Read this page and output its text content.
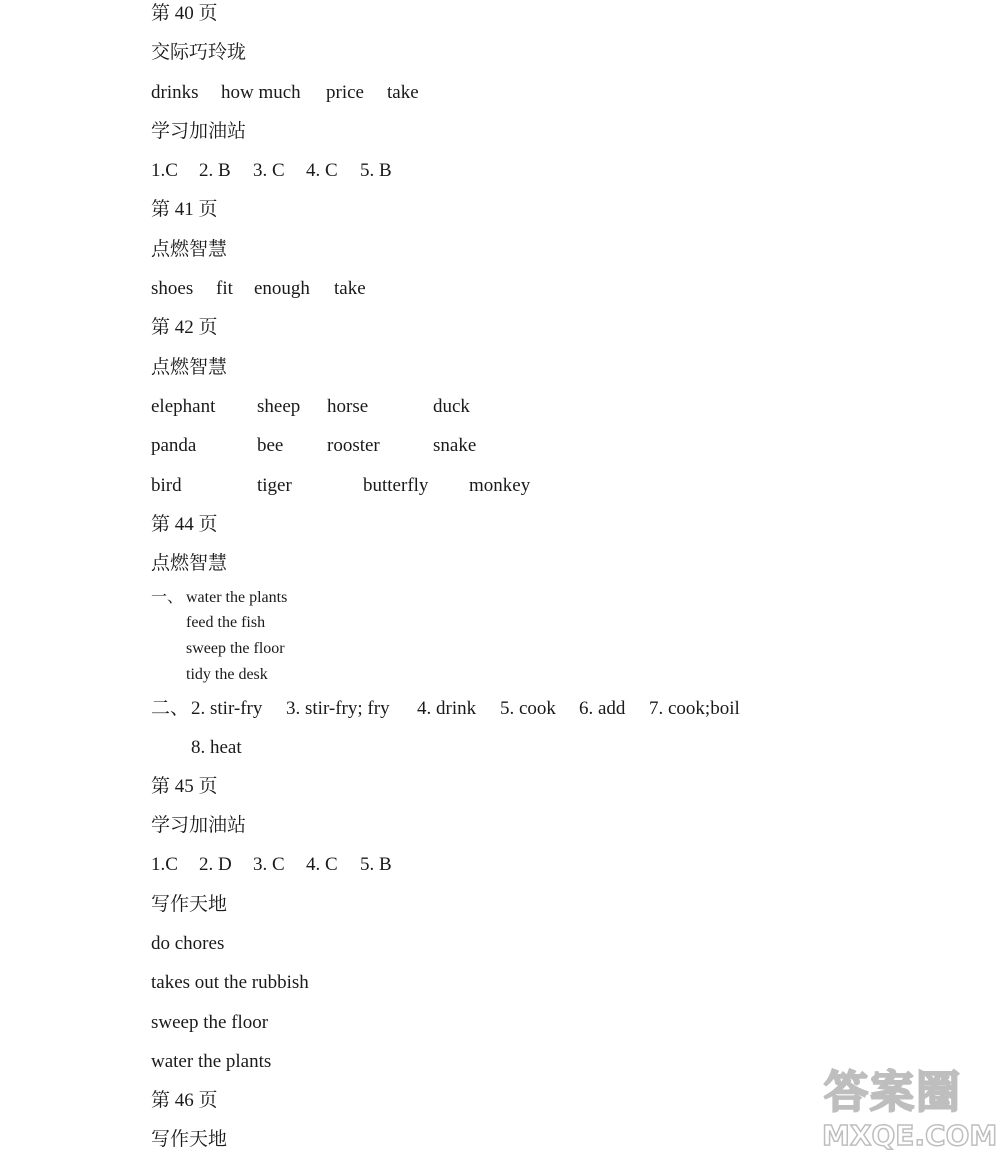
第 40 页
交际巧玲珑
drinks how much price take
学习加油站
1.C 2. B 3. C 4. C 5. B
第 41 页
点燃智慧
shoes fit enough take
第 42 页
点燃智慧
elephant sheep horse	duck
panda	bee rooster	snake
bird	tiger	butterfly monkey
第 44 页
点燃智慧
一、 water the plants
feed the fish
sweep the floor
tidy the desk
二、 2. stir-fry 3. stir-fry; fry 4. drink 5. cook 6. add 7. cook;boil
8. heat
第 45 页
学习加油站
1.C 2. D 3. C 4. C 5. B
写作天地
do chores
takes out the rubbish
sweep the floor
water the plants
第 46 页
写作天地
答案圈
MXQE.COM
